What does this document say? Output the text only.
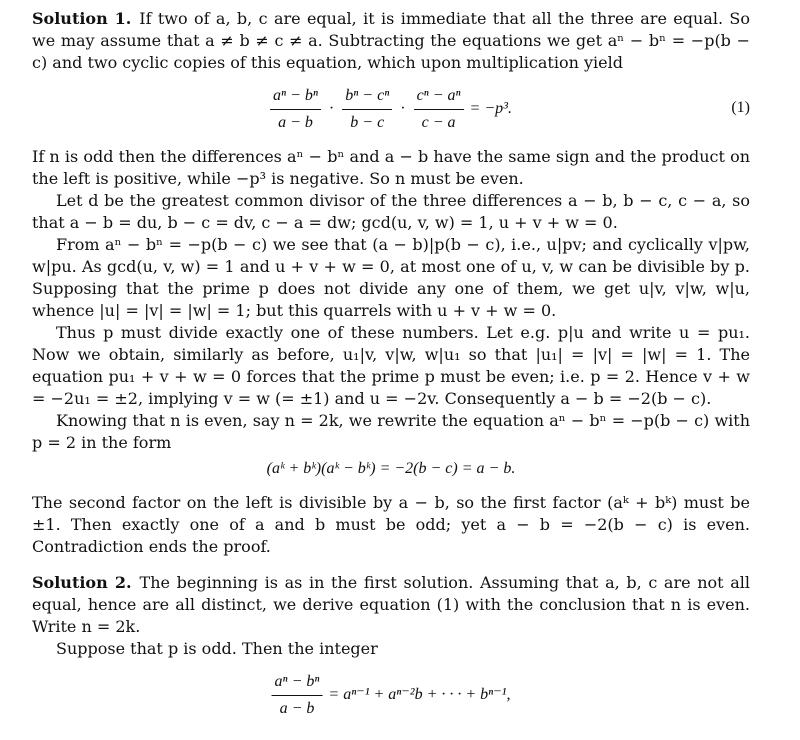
Solution 1. If two of a, b, c are equal, it is immediate that all the three are equal. So we may assume that a ≠ b ≠ c ≠ a. Subtracting the equations we get aⁿ − bⁿ = −p(b − c) and two cyclic copies of this equation, which upon multiplication yield

$\frac{\text{aⁿ − bⁿ}}{a - b} \cdot \frac{\text{bⁿ − cⁿ}}{b - c} \cdot \frac{\text{cⁿ − aⁿ}}{c - a} = -p^3$.	(1)

If n is odd then the differences aⁿ − bⁿ and a − b have the same sign and the product on the left is positive, while −p³ is negative. So n must be even.

Let d be the greatest common divisor of the three differences a − b, b − c, c − a, so that a − b = du, b − c = dv, c − a = dw; gcd(u, v, w) = 1, u + v + w = 0.

From aⁿ − bⁿ = −p(b − c) we see that (a − b)|p(b − c), i.e., u|pv; and cyclically v|pw, w|pu. As gcd(u, v, w) = 1 and u + v + w = 0, at most one of u, v, w can be divisible by p. Supposing that the prime p does not divide any one of them, we get u|v, v|w, w|u, whence |u| = |v| = |w| = 1; but this quarrels with u + v + w = 0.

Thus p must divide exactly one of these numbers. Let e.g. p|u and write u = pu₁. Now we obtain, similarly as before, u₁|v, v|w, w|u₁ so that |u₁| = |v| = |w| = 1. The equation pu₁ + v + w = 0 forces that the prime p must be even; i.e. p = 2. Hence v + w = −2u₁ = ±2, implying v = w (= ±1) and u = −2v. Consequently a − b = −2(b − c).

Knowing that n is even, say n = 2k, we rewrite the equation aⁿ − bⁿ = −p(b − c) with p = 2 in the form

(aᵏ + bᵏ)(aᵏ − bᵏ) = −2(b − c) = a − b.

The second factor on the left is divisible by a − b, so the first factor (aᵏ + bᵏ) must be ±1. Then exactly one of a and b must be odd; yet a − b = −2(b − c) is even. Contradiction ends the proof.

Solution 2. The beginning is as in the first solution. Assuming that a, b, c are not all equal, hence are all distinct, we derive equation (1) with the conclusion that n is even. Write n = 2k.

Suppose that p is odd. Then the integer

$\frac{\text{aⁿ − bⁿ}}{a - b} = a^{n-1} + a^{n-2}b$ + · · · + bⁿ⁻¹,
